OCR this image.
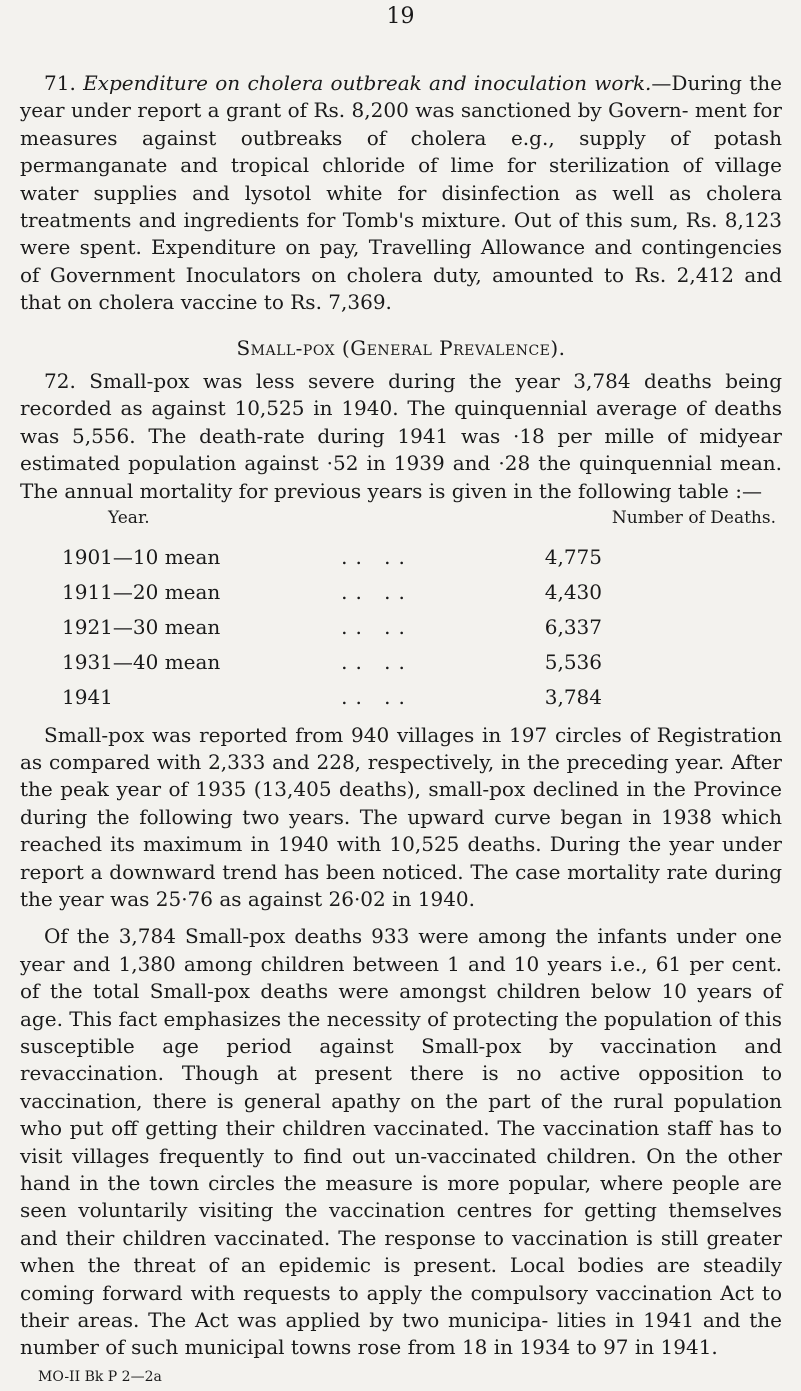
19

71. Expenditure on cholera outbreak and inoculation work.—During the year under report a grant of Rs. 8,200 was sanctioned by Govern- ment for measures against outbreaks of cholera e.g., supply of potash permanganate and tropical chloride of lime for sterilization of village water supplies and lysotol white for disinfection as well as cholera treatments and ingredients for Tomb's mixture. Out of this sum, Rs. 8,123 were spent. Expenditure on pay, Travelling Allowance and contingencies of Government Inoculators on cholera duty, amounted to Rs. 2,412 and that on cholera vaccine to Rs. 7,369.

Small-pox (General Prevalence).

72. Small-pox was less severe during the year 3,784 deaths being recorded as against 10,525 in 1940. The quinquennial average of deaths was 5,556. The death-rate during 1941 was ·18 per mille of midyear estimated population against ·52 in 1939 and ·28 the quinquennial mean. The annual mortality for previous years is given in the following table :—

Year.	Number of Deaths.
1901—10 mean	.. ..	4,775
1911—20 mean	.. ..	4,430
1921—30 mean	.. ..	6,337
1931—40 mean	.. ..	5,536
1941	.. ..	3,784

Small-pox was reported from 940 villages in 197 circles of Registration as compared with 2,333 and 228, respectively, in the preceding year. After the peak year of 1935 (13,405 deaths), small-pox declined in the Province during the following two years. The upward curve began in 1938 which reached its maximum in 1940 with 10,525 deaths. During the year under report a downward trend has been noticed. The case mortality rate during the year was 25·76 as against 26·02 in 1940.

Of the 3,784 Small-pox deaths 933 were among the infants under one year and 1,380 among children between 1 and 10 years i.e., 61 per cent. of the total Small-pox deaths were amongst children below 10 years of age. This fact emphasizes the necessity of protecting the population of this susceptible age period against Small-pox by vaccination and revaccination. Though at present there is no active opposition to vaccination, there is general apathy on the part of the rural population who put off getting their children vaccinated. The vaccination staff has to visit villages frequently to find out un-vaccinated children. On the other hand in the town circles the measure is more popular, where people are seen voluntarily visiting the vaccination centres for getting themselves and their children vaccinated. The response to vaccination is still greater when the threat of an epidemic is present. Local bodies are steadily coming forward with requests to apply the compulsory vaccination Act to their areas. The Act was applied by two municipa- lities in 1941 and the number of such municipal towns rose from 18 in 1934 to 97 in 1941.

MO-II Bk P 2—2a
